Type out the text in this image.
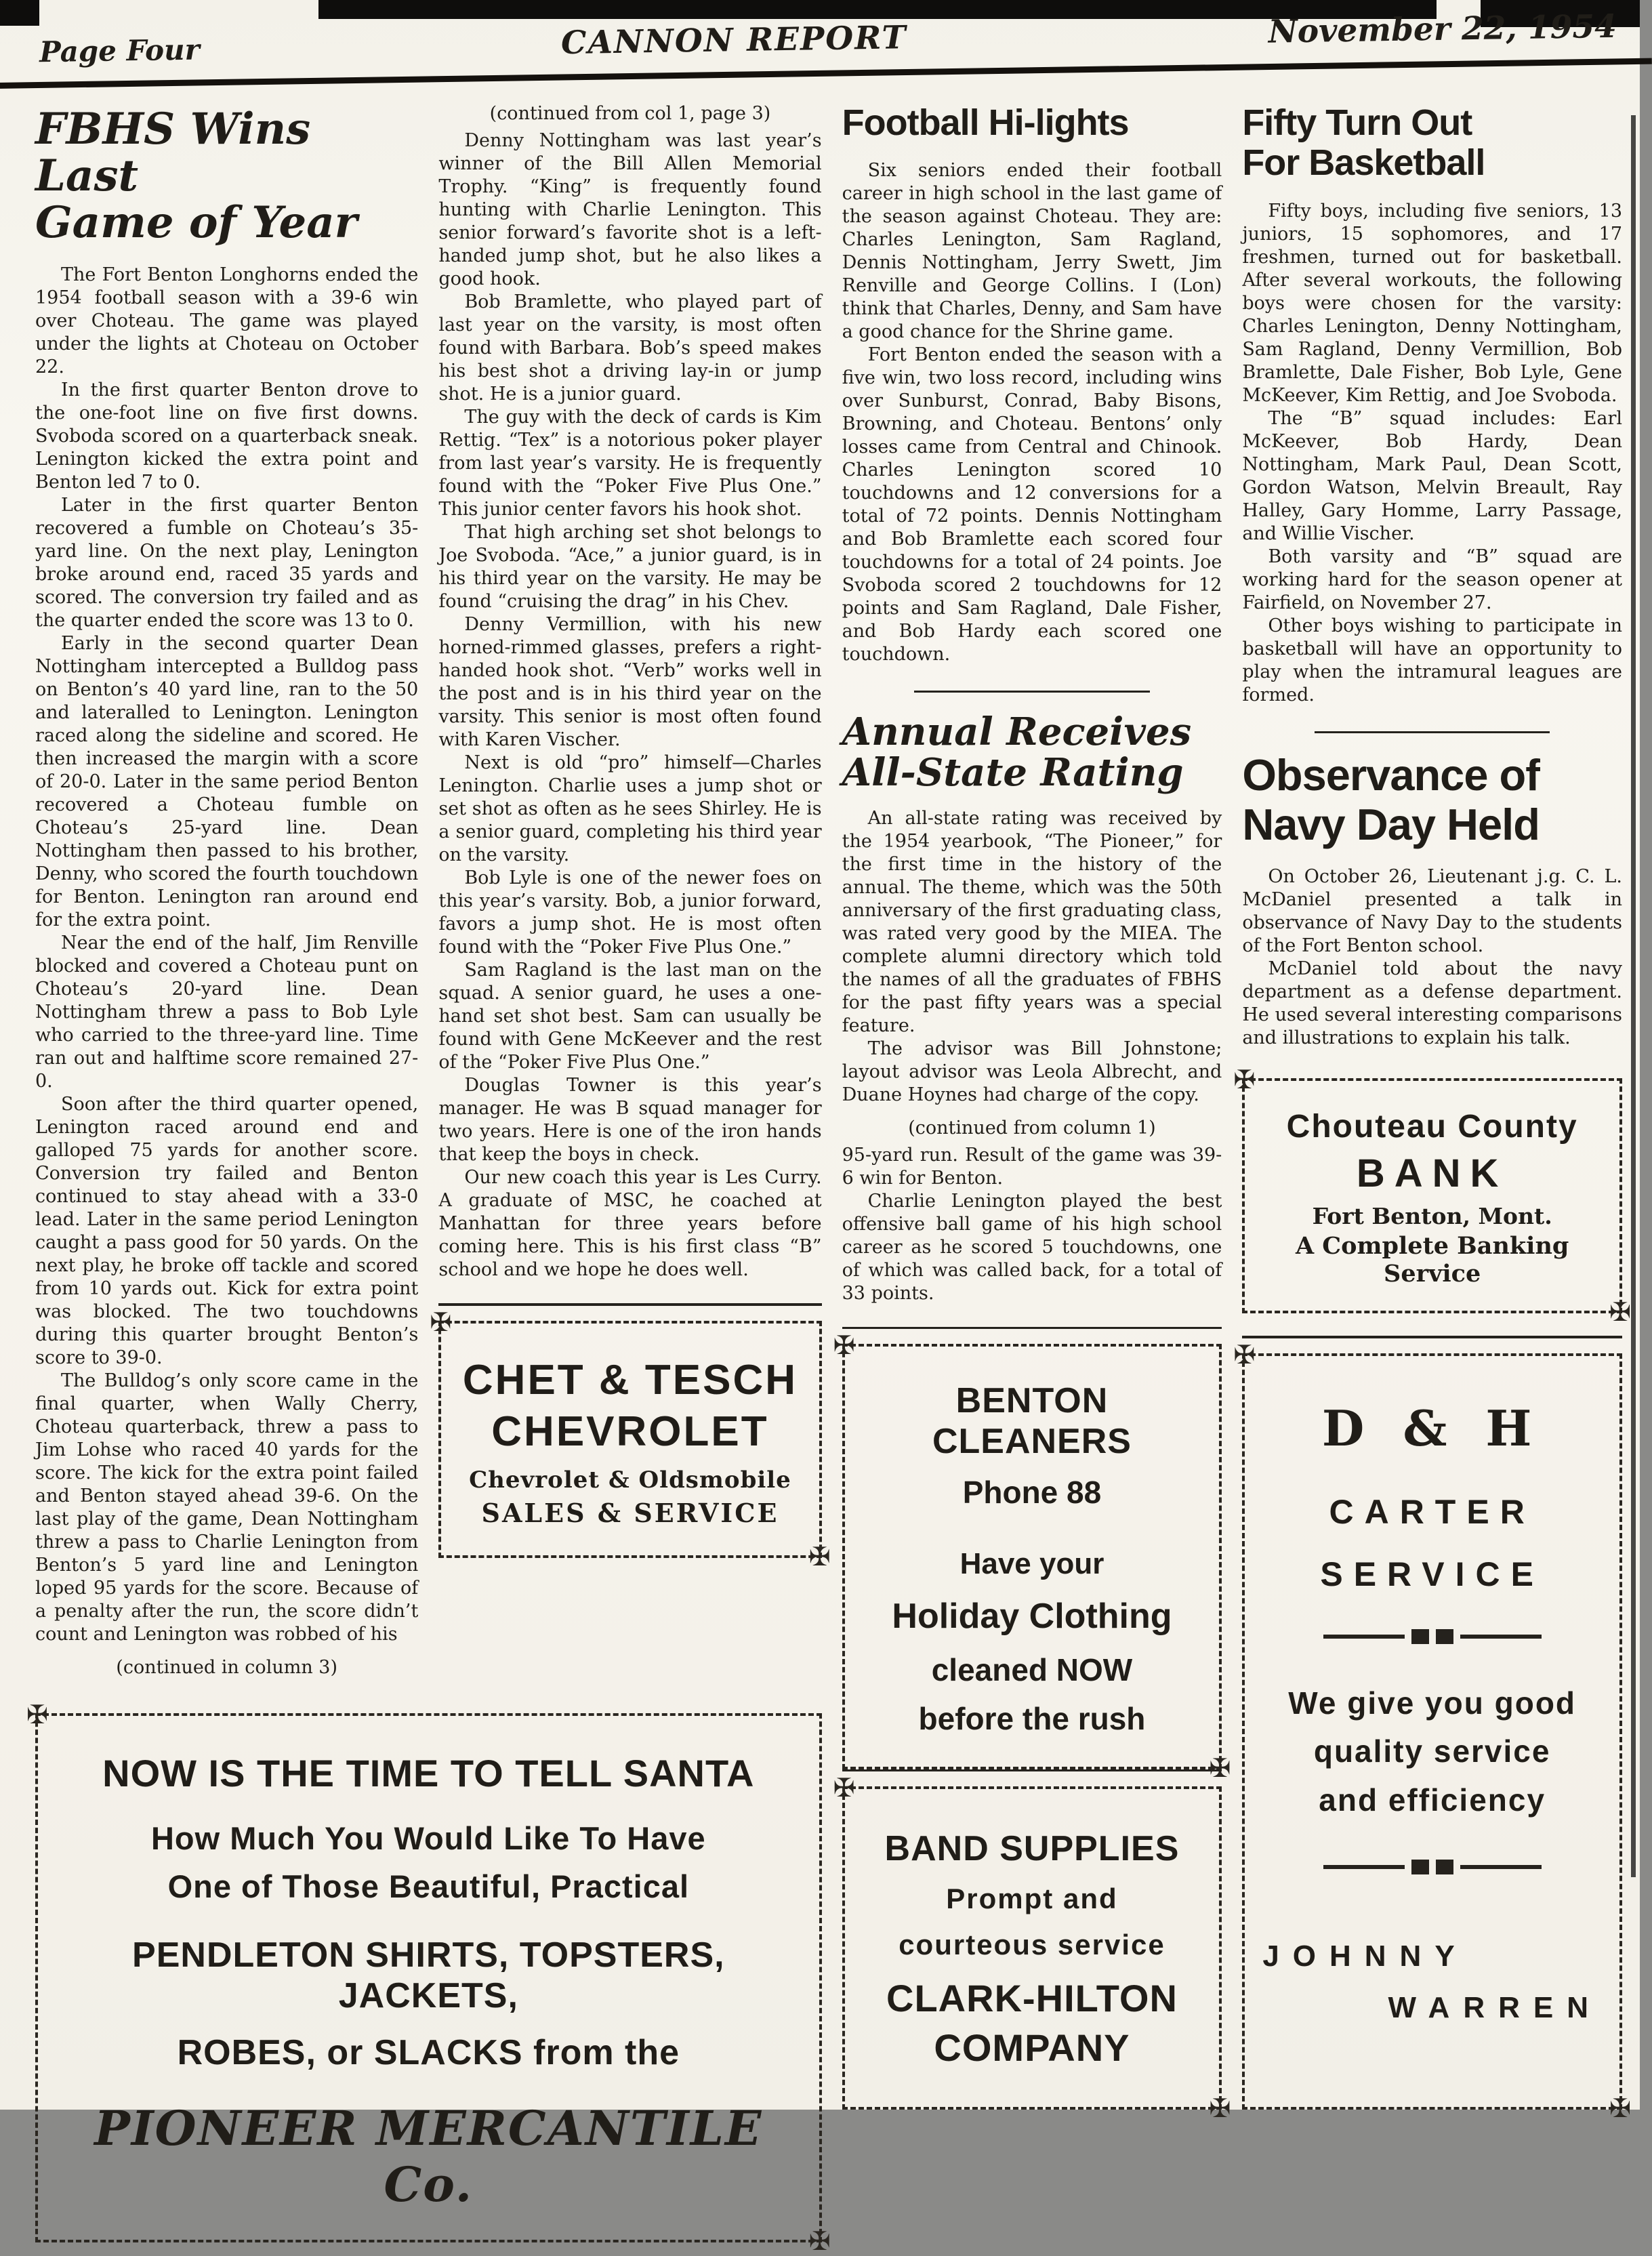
Page Four	CANNON REPORT	November 22, 1954
FBHS Wins Last
Game of Year

The Fort Benton Longhorns ended the 1954 football season with a 39-6 win over Choteau. The game was played under the lights at Choteau on October 22.

In the first quarter Benton drove to the one-foot line on five first downs. Svoboda scored on a quarterback sneak. Lenington kicked the extra point and Benton led 7 to 0.

Later in the first quarter Benton recovered a fumble on Choteau’s 35-yard line. On the next play, Lenington broke around end, raced 35 yards and scored. The conversion try failed and as the quarter ended the score was 13 to 0.

Early in the second quarter Dean Nottingham intercepted a Bulldog pass on Benton’s 40 yard line, ran to the 50 and lateralled to Lenington. Lenington raced along the sideline and scored. He then increased the margin with a score of 20-0. Later in the same period Benton recovered a Choteau fumble on Choteau’s 25-yard line. Dean Nottingham then passed to his brother, Denny, who scored the fourth touchdown for Benton. Lenington ran around end for the extra point.

Near the end of the half, Jim Renville blocked and covered a Choteau punt on Choteau’s 20-yard line. Dean Nottingham threw a pass to Bob Lyle who carried to the three-yard line. Time ran out and halftime score remained 27-0.

Soon after the third quarter opened, Lenington raced around end and galloped 75 yards for another score. Conversion try failed and Benton continued to stay ahead with a 33-0 lead. Later in the same period Lenington caught a pass good for 50 yards. On the next play, he broke off tackle and scored from 10 yards out. Kick for extra point was blocked. The two touchdowns during this quarter brought Benton’s score to 39-0.

The Bulldog’s only score came in the final quarter, when Wally Cherry, Choteau quarterback, threw a pass to Jim Lohse who raced 40 yards for the score. The kick for the extra point failed and Benton stayed ahead 39-6. On the last play of the game, Dean Nottingham threw a pass to Charlie Lenington from Benton’s 5 yard line and Lenington loped 95 yards for the score. Because of a penalty after the run, the score didn’t count and Lenington was robbed of his

(continued in column 3)

(continued from col 1, page 3)

Denny Nottingham was last year’s winner of the Bill Allen Memorial Trophy. “King” is frequently found hunting with Charlie Lenington. This senior forward’s favorite shot is a left-handed jump shot, but he also likes a good hook.

Bob Bramlette, who played part of last year on the varsity, is most often found with Barbara. Bob’s speed makes his best shot a driving lay-in or jump shot. He is a junior guard.

The guy with the deck of cards is Kim Rettig. “Tex” is a notorious poker player from last year’s varsity. He is frequently found with the “Poker Five Plus One.” This junior center favors his hook shot.

That high arching set shot belongs to Joe Svoboda. “Ace,” a junior guard, is in his third year on the varsity. He may be found “cruising the drag” in his Chev.

Denny Vermillion, with his new horned-rimmed glasses, prefers a right-handed hook shot. “Verb” works well in the post and is in his third year on the varsity. This senior is most often found with Karen Vischer.

Next is old “pro” himself—Charles Lenington. Charlie uses a jump shot or set shot as often as he sees Shirley. He is a senior guard, completing his third year on the varsity.

Bob Lyle is one of the newer foes on this year’s varsity. Bob, a junior forward, favors a jump shot. He is most often found with the “Poker Five Plus One.”

Sam Ragland is the last man on the squad. A senior guard, he uses a one-hand set shot best. Sam can usually be found with Gene McKeever and the rest of the “Poker Five Plus One.”

Douglas Towner is this year’s manager. He was B squad manager for two years. Here is one of the iron hands that keep the boys in check.

Our new coach this year is Les Curry. A graduate of MSC, he coached at Manhattan for three years before coming here. This is his first class “B” school and we hope he does well.

✠ CHET & TESCH
CHEVROLET
Chevrolet & Oldsmobile
SALES & SERVICE
✠
✠ NOW IS THE TIME TO TELL SANTA
How Much You Would Like To Have
One of Those Beautiful, Practical
PENDLETON SHIRTS, TOPSTERS, JACKETS,
ROBES, or SLACKS from the
PIONEER MERCANTILE Co.
✠
Football Hi-lights

Six seniors ended their football career in high school in the last game of the season against Choteau. They are: Charles Lenington, Sam Ragland, Dennis Nottingham, Jerry Swett, Jim Renville and George Collins. I (Lon) think that Charles, Denny, and Sam have a good chance for the Shrine game.

Fort Benton ended the season with a five win, two loss record, including wins over Sunburst, Conrad, Baby Bisons, Browning, and Choteau. Bentons’ only losses came from Central and Chinook. Charles Lenington scored 10 touchdowns and 12 conversions for a total of 72 points. Dennis Nottingham and Bob Bramlette each scored four touchdowns for a total of 24 points. Joe Svoboda scored 2 touchdowns for 12 points and Sam Ragland, Dale Fisher, and Bob Hardy each scored one touchdown.

Annual Receives
All-State Rating

An all-state rating was received by the 1954 yearbook, “The Pioneer,” for the first time in the history of the annual. The theme, which was the 50th anniversary of the first graduating class, was rated very good by the MIEA. The complete alumni directory which told the names of all the graduates of FBHS for the past fifty years was a special feature.

The advisor was Bill Johnstone; layout advisor was Leola Albrecht, and Duane Hoynes had charge of the copy.

(continued from column 1)

95-yard run. Result of the game was 39-6 win for Benton.

Charlie Lenington played the best offensive ball game of his high school career as he scored 5 touchdowns, one of which was called back, for a total of 33 points.

✠ BENTON CLEANERS
Phone 88
Have your
Holiday Clothing
cleaned NOW
before the rush
✠
✠ BAND SUPPLIES
Prompt and
courteous service
CLARK-HILTON
COMPANY
✠
Fifty Turn Out
For Basketball

Fifty boys, including five seniors, 13 juniors, 15 sophomores, and 17 freshmen, turned out for basketball. After several workouts, the following boys were chosen for the varsity: Charles Lenington, Denny Nottingham, Sam Ragland, Denny Vermillion, Bob Bramlette, Dale Fisher, Bob Lyle, Gene McKeever, Kim Rettig, and Joe Svoboda.

The “B” squad includes: Earl McKeever, Bob Hardy, Dean Nottingham, Mark Paul, Dean Scott, Gordon Watson, Melvin Breault, Ray Halley, Gary Homme, Larry Passage, and Willie Vischer.

Both varsity and “B” squad are working hard for the season opener at Fairfield, on November 27.

Other boys wishing to participate in basketball will have an opportunity to play when the intramural leagues are formed.

Observance of
Navy Day Held

On October 26, Lieutenant j.g. C. L. McDaniel presented a talk in observance of Navy Day to the students of the Fort Benton school.

McDaniel told about the navy department as a defense department. He used several interesting comparisons and illustrations to explain his talk.

✠ Chouteau County
BANK
Fort Benton, Mont.
A Complete Banking Service
✠
✠ D & H
CARTER
SERVICE
We give you good
quality service
and efficiency
JOHNNY
WARREN
✠
